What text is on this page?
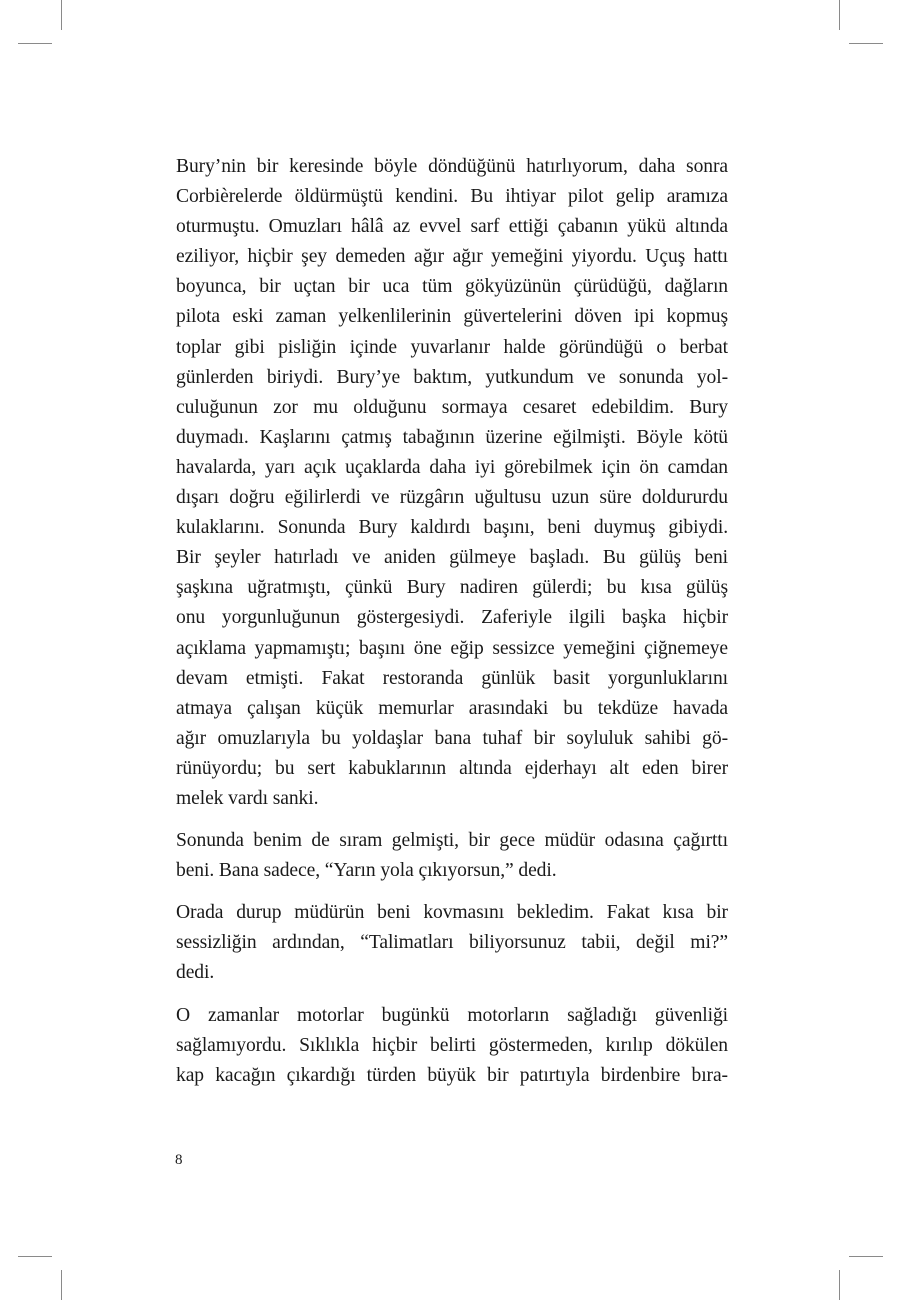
Bury’nin bir keresinde böyle döndüğünü hatırlıyorum, daha sonra
Corbièrelerde öldürmüştü kendini. Bu ihtiyar pilot gelip aramıza
oturmuştu. Omuzları hâlâ az evvel sarf ettiği çabanın yükü altında
eziliyor, hiçbir şey demeden ağır ağır yemeğini yiyordu. Uçuş hattı
boyunca, bir uçtan bir uca tüm gökyüzünün çürüdüğü, dağların
pilota eski zaman yelkenlilerinin güvertelerini döven ipi kopmuş
toplar gibi pisliğin içinde yuvarlanır halde göründüğü o berbat
günlerden biriydi. Bury’ye baktım, yutkundum ve sonunda yol-
culuğunun zor mu olduğunu sormaya cesaret edebildim. Bury
duymadı. Kaşlarını çatmış tabağının üzerine eğilmişti. Böyle kötü
havalarda, yarı açık uçaklarda daha iyi görebilmek için ön camdan
dışarı doğru eğilirlerdi ve rüzgârın uğultusu uzun süre doldururdu
kulaklarını. Sonunda Bury kaldırdı başını, beni duymuş gibiydi.
Bir şeyler hatırladı ve aniden gülmeye başladı. Bu gülüş beni
şaşkına uğratmıştı, çünkü Bury nadiren gülerdi; bu kısa gülüş
onu yorgunluğunun göstergesiydi. Zaferiyle ilgili başka hiçbir
açıklama yapmamıştı; başını öne eğip sessizce yemeğini çiğnemeye
devam etmişti. Fakat restoranda günlük basit yorgunluklarını
atmaya çalışan küçük memurlar arasındaki bu tekdüze havada
ağır omuzlarıyla bu yoldaşlar bana tuhaf bir soyluluk sahibi gö-
rünüyordu; bu sert kabuklarının altında ejderhayı alt eden birer
melek vardı sanki.
Sonunda benim de sıram gelmişti, bir gece müdür odasına çağırttı
beni. Bana sadece, “Yarın yola çıkıyorsun,” dedi.
Orada durup müdürün beni kovmasını bekledim. Fakat kısa bir
sessizliğin ardından, “Talimatları biliyorsunuz tabii, değil mi?”
dedi.
O zamanlar motorlar bugünkü motorların sağladığı güvenliği
sağlamıyordu. Sıklıkla hiçbir belirti göstermeden, kırılıp dökülen
kap kacağın çıkardığı türden büyük bir patırtıyla birdenbire bıra-
8
